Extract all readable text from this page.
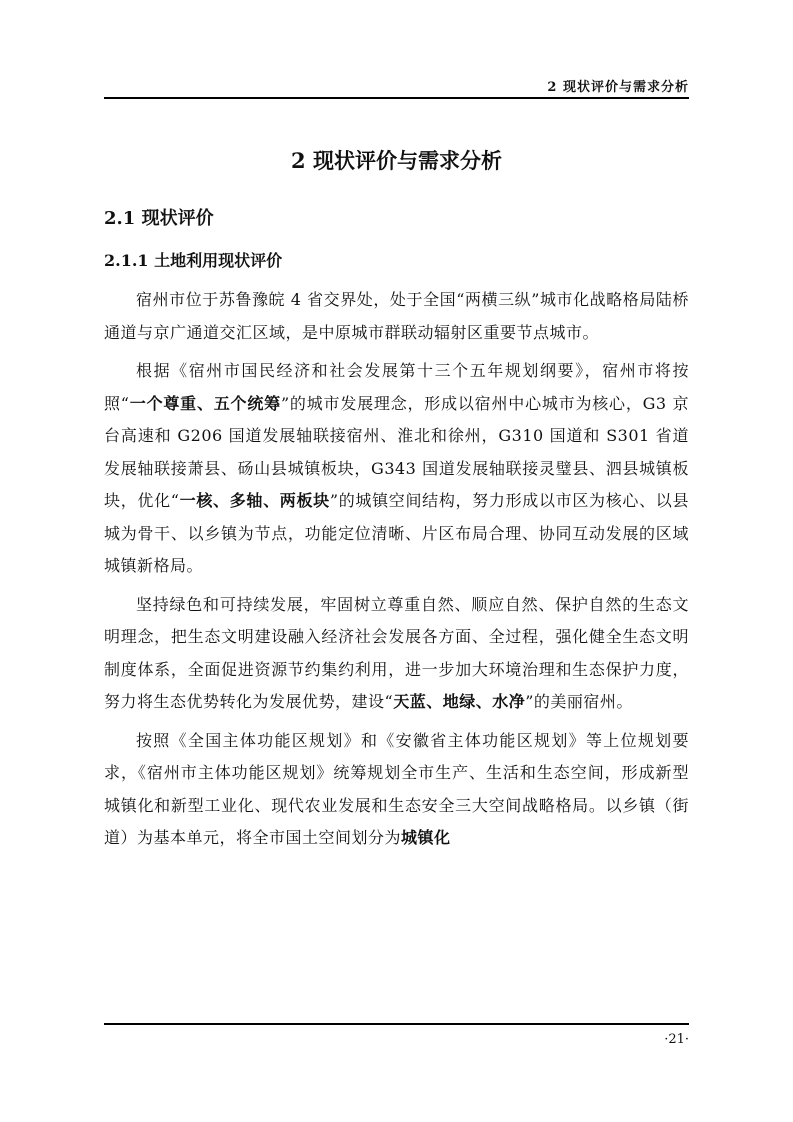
2 现状评价与需求分析
2 现状评价与需求分析
2.1 现状评价
2.1.1 土地利用现状评价

宿州市位于苏鲁豫皖 4 省交界处，处于全国“两横三纵”城市化战略格局陆桥通道与京广通道交汇区域，是中原城市群联动辐射区重要节点城市。

根据《宿州市国民经济和社会发展第十三个五年规划纲要》，宿州市将按照“一个尊重、五个统筹”的城市发展理念，形成以宿州中心城市为核心，G3 京台高速和 G206 国道发展轴联接宿州、淮北和徐州，G310 国道和 S301 省道发展轴联接萧县、砀山县城镇板块，G343 国道发展轴联接灵璧县、泗县城镇板块，优化“一核、多轴、两板块”的城镇空间结构，努力形成以市区为核心、以县城为骨干、以乡镇为节点，功能定位清晰、片区布局合理、协同互动发展的区域城镇新格局。

坚持绿色和可持续发展，牢固树立尊重自然、顺应自然、保护自然的生态文明理念，把生态文明建设融入经济社会发展各方面、全过程，强化健全生态文明制度体系，全面促进资源节约集约利用，进一步加大环境治理和生态保护力度，努力将生态优势转化为发展优势，建设“天蓝、地绿、水净”的美丽宿州。

按照《全国主体功能区规划》和《安徽省主体功能区规划》等上位规划要求，《宿州市主体功能区规划》统筹规划全市生产、生活和生态空间，形成新型城镇化和新型工业化、现代农业发展和生态安全三大空间战略格局。以乡镇（街道）为基本单元，将全市国土空间划分为城镇化

·21·
